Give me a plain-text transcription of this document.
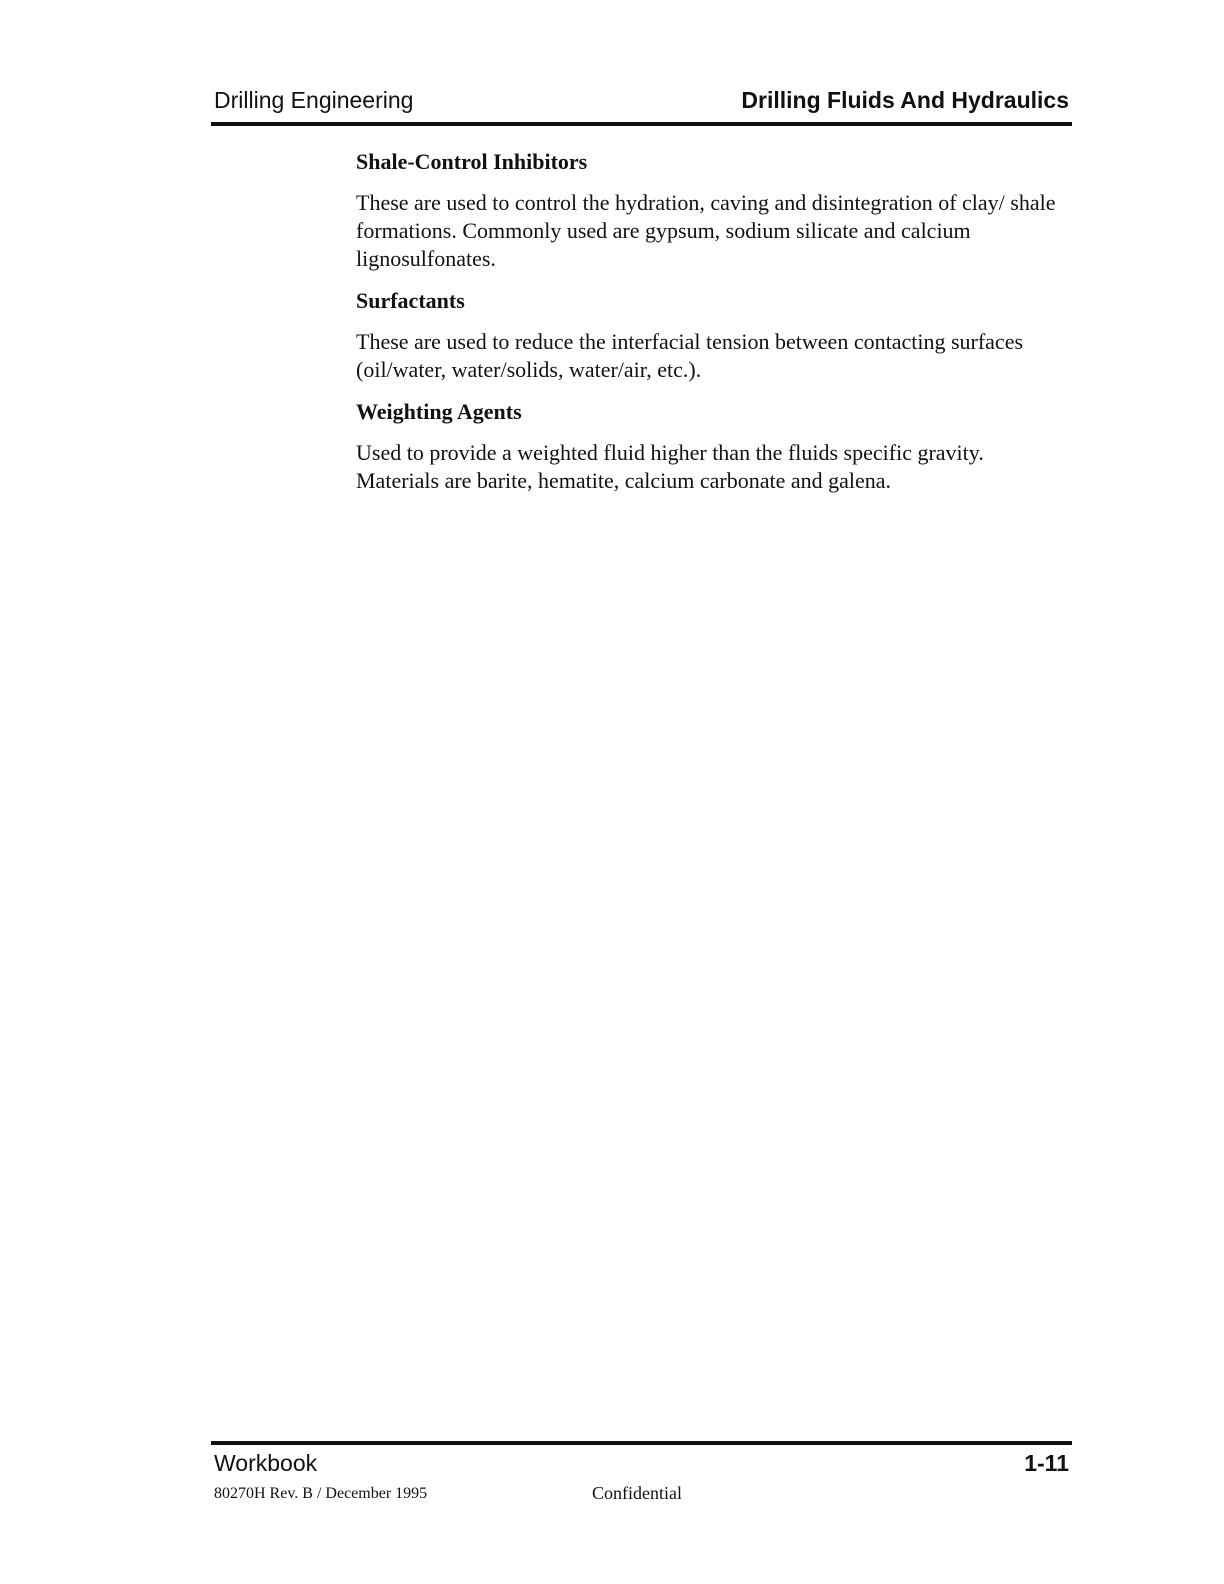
Drilling Engineering	Drilling Fluids And Hydraulics
Shale-Control Inhibitors
These are used to control the hydration, caving and disintegration of clay/ shale formations. Commonly used are gypsum, sodium silicate and calcium lignosulfonates.
Surfactants
These are used to reduce the interfacial tension between contacting surfaces (oil/water, water/solids, water/air, etc.).
Weighting Agents
Used to provide a weighted fluid higher than the fluids specific gravity. Materials are barite, hematite, calcium carbonate and galena.
Workbook	1-11
80270H Rev. B / December 1995	Confidential
